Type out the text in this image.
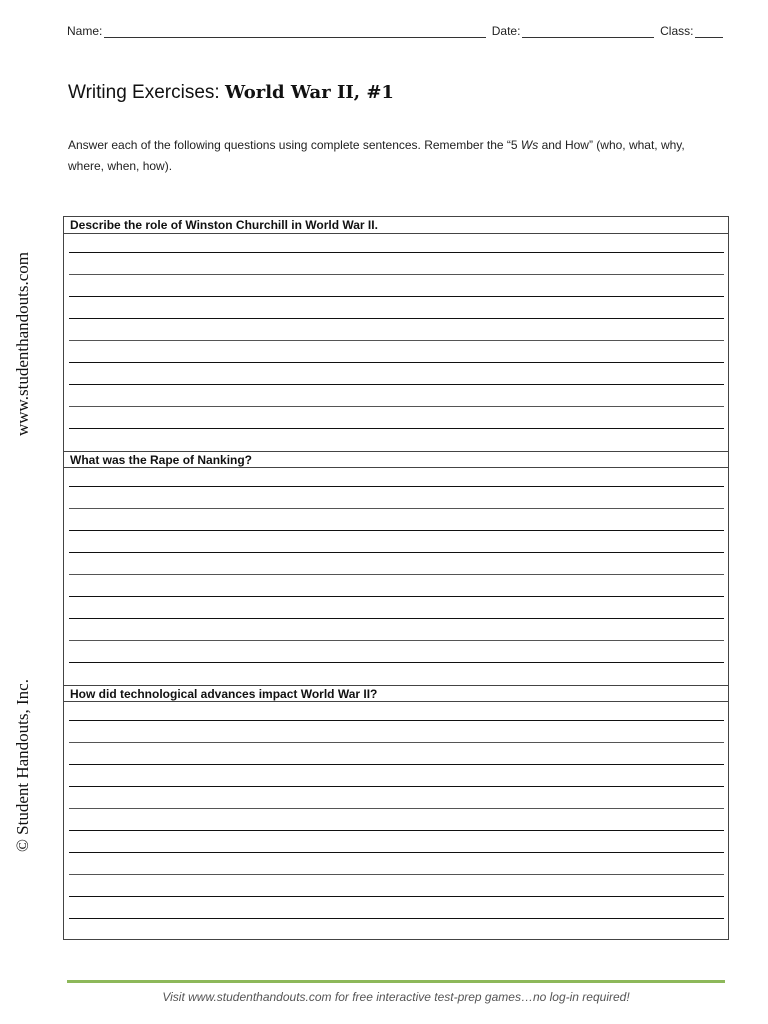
Name:	Date:	Class:
Writing Exercises: World War II, #1
Answer each of the following questions using complete sentences. Remember the “5 Ws and How” (who, what, why, where, when, how).
© Student Handouts, Inc.
www.studenthandouts.com
Describe the role of Winston Churchill in World War II.
What was the Rape of Nanking?
How did technological advances impact World War II?
Visit www.studenthandouts.com for free interactive test-prep games…no log-in required!
